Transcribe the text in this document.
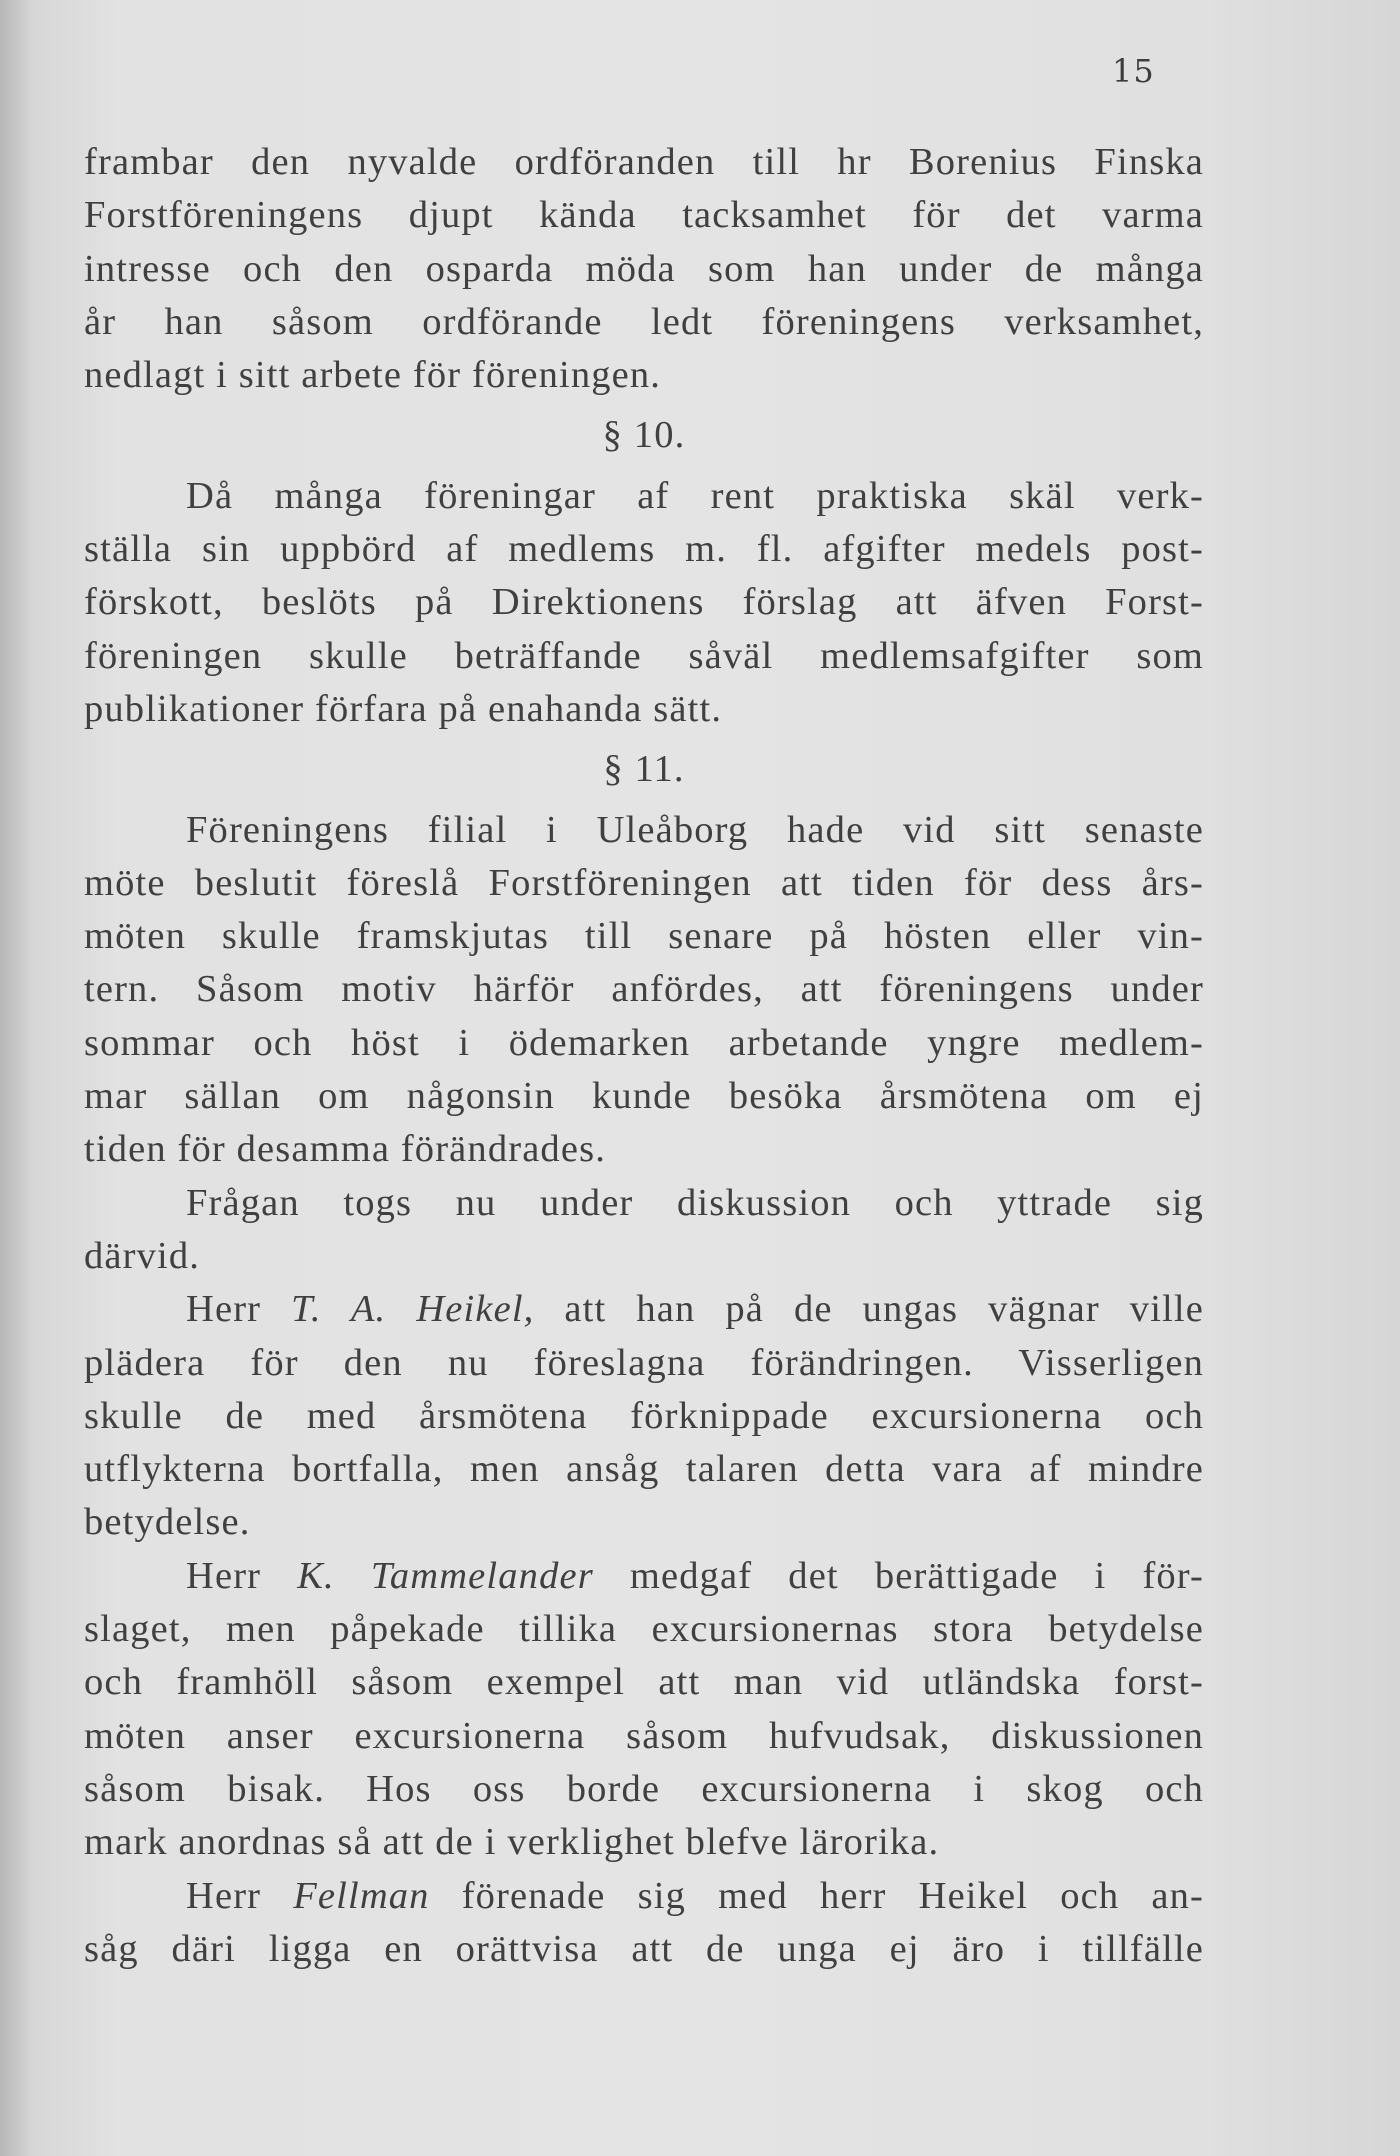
15
frambar den nyvalde ordföranden till hr Borenius Finska
Forstföreningens djupt kända tacksamhet för det varma
intresse och den osparda möda som han under de många
år han såsom ordförande ledt föreningens verksamhet,
nedlagt i sitt arbete för föreningen.
§ 10.
Då många föreningar af rent praktiska skäl verk-
ställa sin uppbörd af medlems m. fl. afgifter medels post-
förskott, beslöts på Direktionens förslag att äfven Forst-
föreningen skulle beträffande såväl medlemsafgifter som
publikationer förfara på enahanda sätt.
§ 11.
Föreningens filial i Uleåborg hade vid sitt senaste
möte beslutit föreslå Forstföreningen att tiden för dess års-
möten skulle framskjutas till senare på hösten eller vin-
tern. Såsom motiv härför anfördes, att föreningens under
sommar och höst i ödemarken arbetande yngre medlem-
mar sällan om någonsin kunde besöka årsmötena om ej
tiden för desamma förändrades.
Frågan togs nu under diskussion och yttrade sig
därvid.
Herr T. A. Heikel, att han på de ungas vägnar ville
plädera för den nu föreslagna förändringen. Visserligen
skulle de med årsmötena förknippade excursionerna och
utflykterna bortfalla, men ansåg talaren detta vara af mindre
betydelse.
Herr K. Tammelander medgaf det berättigade i för-
slaget, men påpekade tillika excursionernas stora betydelse
och framhöll såsom exempel att man vid utländska forst-
möten anser excursionerna såsom hufvudsak, diskussionen
såsom bisak. Hos oss borde excursionerna i skog och
mark anordnas så att de i verklighet blefve lärorika.
Herr Fellman förenade sig med herr Heikel och an-
såg däri ligga en orättvisa att de unga ej äro i tillfälle
